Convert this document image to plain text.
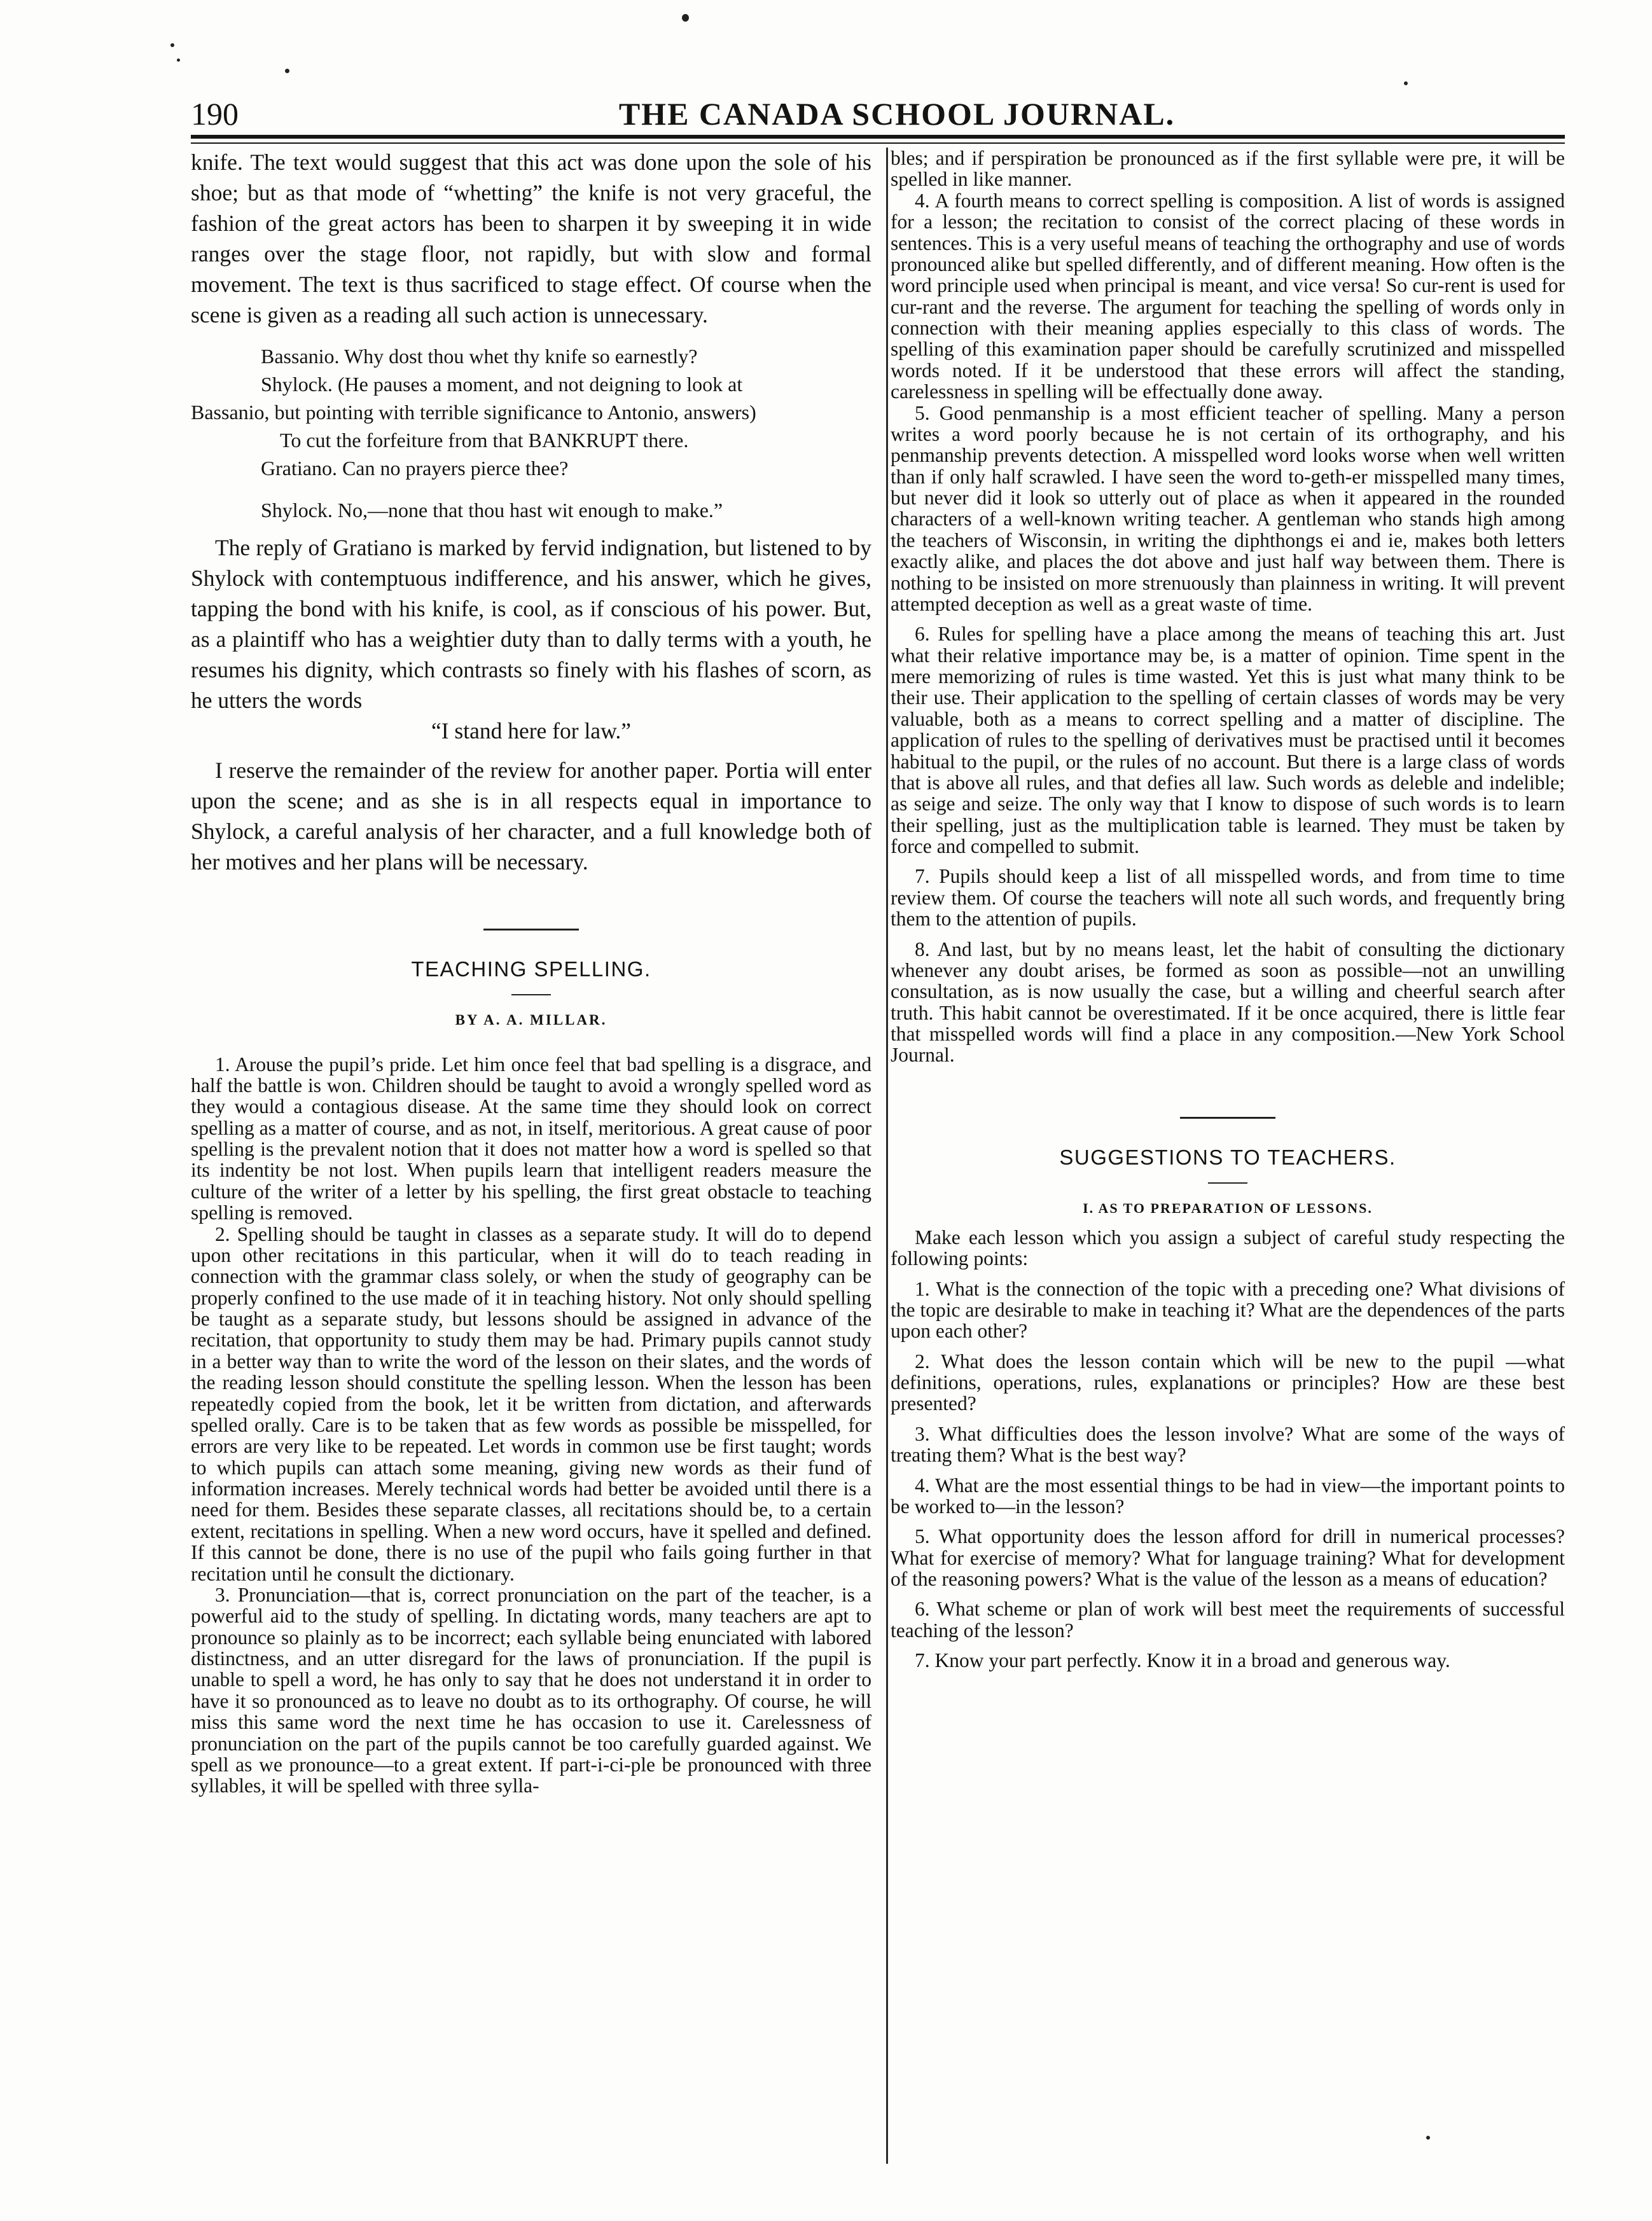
190	THE CANADA SCHOOL JOURNAL.

knife. The text would suggest that this act was done upon the sole of his shoe; but as that mode of “whetting” the knife is not very graceful, the fashion of the great actors has been to sharpen it by sweeping it in wide ranges over the stage floor, not rapidly, but with slow and formal movement. The text is thus sacrificed to stage effect. Of course when the scene is given as a reading all such action is unnecessary.

Bassanio. Why dost thou whet thy knife so earnestly?
Shylock. (He pauses a moment, and not deigning to look at
Bassanio, but pointing with terrible significance to Antonio, answers)
To cut the forfeiture from that BANKRUPT there.
Gratiano. Can no prayers pierce thee?
Shylock. No,—none that thou hast wit enough to make.”

The reply of Gratiano is marked by fervid indignation, but listened to by Shylock with contemptuous indifference, and his answer, which he gives, tapping the bond with his knife, is cool, as if conscious of his power. But, as a plaintiff who has a weightier duty than to dally terms with a youth, he resumes his dignity, which contrasts so finely with his flashes of scorn, as he utters the words

“I stand here for law.”

I reserve the remainder of the review for another paper. Portia will enter upon the scene; and as she is in all respects equal in importance to Shylock, a careful analysis of her character, and a full knowledge both of her motives and her plans will be necessary.

TEACHING SPELLING.
BY A. A. MILLAR.

1. Arouse the pupil’s pride. Let him once feel that bad spelling is a disgrace, and half the battle is won. Children should be taught to avoid a wrongly spelled word as they would a contagious disease. At the same time they should look on correct spelling as a matter of course, and as not, in itself, meritorious. A great cause of poor spelling is the prevalent notion that it does not matter how a word is spelled so that its indentity be not lost. When pupils learn that intelligent readers measure the culture of the writer of a letter by his spelling, the first great obstacle to teaching spelling is removed.

2. Spelling should be taught in classes as a separate study. It will do to depend upon other recitations in this particular, when it will do to teach reading in connection with the grammar class solely, or when the study of geography can be properly confined to the use made of it in teaching history. Not only should spelling be taught as a separate study, but lessons should be assigned in advance of the recitation, that opportunity to study them may be had. Primary pupils cannot study in a better way than to write the word of the lesson on their slates, and the words of the reading lesson should constitute the spelling lesson. When the lesson has been repeatedly copied from the book, let it be written from dictation, and afterwards spelled orally. Care is to be taken that as few words as possible be misspelled, for errors are very like to be repeated. Let words in common use be first taught; words to which pupils can attach some meaning, giving new words as their fund of information increases. Merely technical words had better be avoided until there is a need for them. Besides these separate classes, all recitations should be, to a certain extent, recitations in spelling. When a new word occurs, have it spelled and defined. If this cannot be done, there is no use of the pupil who fails going further in that recitation until he consult the dictionary.

3. Pronunciation—that is, correct pronunciation on the part of the teacher, is a powerful aid to the study of spelling. In dictating words, many teachers are apt to pronounce so plainly as to be incorrect; each syllable being enunciated with labored distinctness, and an utter disregard for the laws of pronunciation. If the pupil is unable to spell a word, he has only to say that he does not understand it in order to have it so pronounced as to leave no doubt as to its orthography. Of course, he will miss this same word the next time he has occasion to use it. Carelessness of pronunciation on the part of the pupils cannot be too carefully guarded against. We spell as we pronounce—to a great extent. If part-i-ci-ple be pronounced with three syllables, it will be spelled with three sylla-

bles; and if perspiration be pronounced as if the first syllable were pre, it will be spelled in like manner.

4. A fourth means to correct spelling is composition. A list of words is assigned for a lesson; the recitation to consist of the correct placing of these words in sentences. This is a very useful means of teaching the orthography and use of words pronounced alike but spelled differently, and of different meaning. How often is the word principle used when principal is meant, and vice versa! So cur-rent is used for cur-rant and the reverse. The argument for teaching the spelling of words only in connection with their meaning applies especially to this class of words. The spelling of this examination paper should be carefully scrutinized and misspelled words noted. If it be understood that these errors will affect the standing, carelessness in spelling will be effectually done away.

5. Good penmanship is a most efficient teacher of spelling. Many a person writes a word poorly because he is not certain of its orthography, and his penmanship prevents detection. A misspelled word looks worse when well written than if only half scrawled. I have seen the word to-geth-er misspelled many times, but never did it look so utterly out of place as when it appeared in the rounded characters of a well-known writing teacher. A gentleman who stands high among the teachers of Wisconsin, in writing the diphthongs ei and ie, makes both letters exactly alike, and places the dot above and just half way between them. There is nothing to be insisted on more strenuously than plainness in writing. It will prevent attempted deception as well as a great waste of time.

6. Rules for spelling have a place among the means of teaching this art. Just what their relative importance may be, is a matter of opinion. Time spent in the mere memorizing of rules is time wasted. Yet this is just what many think to be their use. Their application to the spelling of certain classes of words may be very valuable, both as a means to correct spelling and a matter of discipline. The application of rules to the spelling of derivatives must be practised until it becomes habitual to the pupil, or the rules of no account. But there is a large class of words that is above all rules, and that defies all law. Such words as deleble and indelible; as seige and seize. The only way that I know to dispose of such words is to learn their spelling, just as the multiplication table is learned. They must be taken by force and compelled to submit.

7. Pupils should keep a list of all misspelled words, and from time to time review them. Of course the teachers will note all such words, and frequently bring them to the attention of pupils.

8. And last, but by no means least, let the habit of consulting the dictionary whenever any doubt arises, be formed as soon as possible—not an unwilling consultation, as is now usually the case, but a willing and cheerful search after truth. This habit cannot be overestimated. If it be once acquired, there is little fear that misspelled words will find a place in any composition.—New York School Journal.

SUGGESTIONS TO TEACHERS.
I. AS TO PREPARATION OF LESSONS.

Make each lesson which you assign a subject of careful study respecting the following points:

1. What is the connection of the topic with a preceding one? What divisions of the topic are desirable to make in teaching it? What are the dependences of the parts upon each other?

2. What does the lesson contain which will be new to the pupil —what definitions, operations, rules, explanations or principles? How are these best presented?

3. What difficulties does the lesson involve? What are some of the ways of treating them? What is the best way?

4. What are the most essential things to be had in view—the important points to be worked to—in the lesson?

5. What opportunity does the lesson afford for drill in numerical processes? What for exercise of memory? What for language training? What for development of the reasoning powers? What is the value of the lesson as a means of education?

6. What scheme or plan of work will best meet the requirements of successful teaching of the lesson?

7. Know your part perfectly. Know it in a broad and generous way.
